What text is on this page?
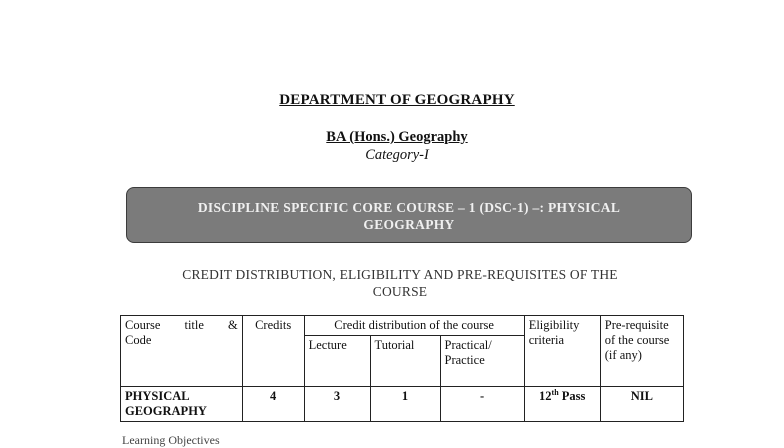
DEPARTMENT OF GEOGRAPHY
BA (Hons.) Geography
Category-I
DISCIPLINE SPECIFIC CORE COURSE – 1 (DSC-1) –: PHYSICAL
GEOGRAPHY
CREDIT DISTRIBUTION, ELIGIBILITY AND PRE-REQUISITES OF THE
COURSE
Course title &
Code	Credits	Credit distribution of the course			Eligibility criteria	Pre-requisite of the course (if any)
		Lecture	Tutorial	Practical/ Practice		
PHYSICAL GEOGRAPHY	4	3	1	-	12th Pass	NIL
Learning Objectives
